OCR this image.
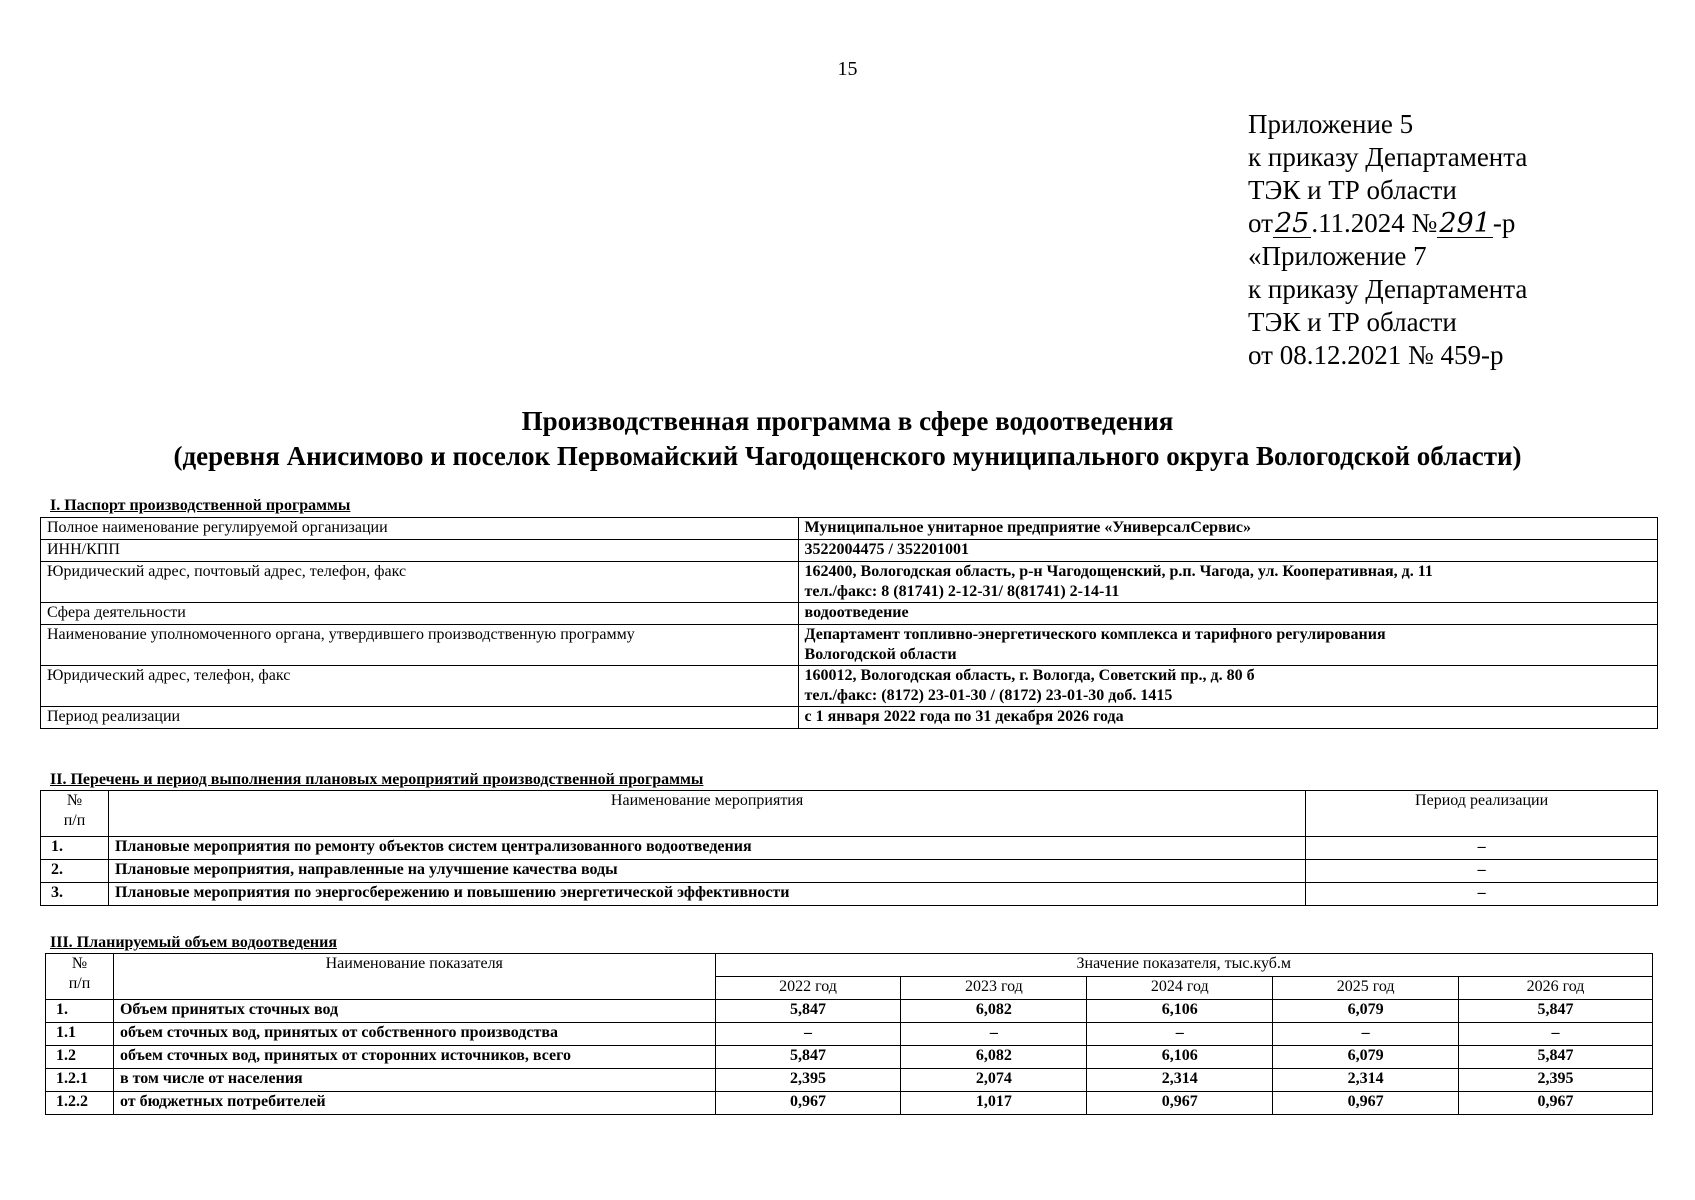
15
Приложение 5
к приказу Департамента
ТЭК и ТР области
от25.11.2024 №291-р
«Приложение 7
к приказу Департамента
ТЭК и ТР области
от 08.12.2021 № 459-р
Производственная программа в сфере водоотведения
(деревня Анисимово и поселок Первомайский Чагодощенского муниципального округа Вологодской области)
I. Паспорт производственной программы
Полное наименование регулируемой организации	Муниципальное унитарное предприятие «УниверсалСервис»

ИНН/КПП	3522004475 / 352201001

Юридический адрес, почтовый адрес, телефон, факс	162400, Вологодская область, р-н Чагодощенский, р.п. Чагода, ул. Кооперативная, д. 11
тел./факс: 8 (81741) 2-12-31/ 8(81741) 2-14-11

Сфера деятельности	водоотведение

Наименование уполномоченного органа, утвердившего производственную программу	Департамент топливно-энергетического комплекса и тарифного регулирования
Вологодской области

Юридический адрес, телефон, факс	160012, Вологодская область, г. Вологда, Советский пр., д. 80 б
тел./факс: (8172) 23-01-30 / (8172) 23-01-30 доб. 1415

Период реализации	с 1 января 2022 года по 31 декабря 2026 года
II. Перечень и период выполнения плановых мероприятий производственной программы
№
п/п	Наименование мероприятия	Период реализации
1.	Плановые мероприятия по ремонту объектов систем централизованного водоотведения	–
2.	Плановые мероприятия, направленные на улучшение качества воды	–
3.	Плановые мероприятия по энергосбережению и повышению энергетической эффективности	–
III. Планируемый объем водоотведения
№
п/п	Наименование показателя	Значение показателя, тыс.куб.м				
		2022 год	2023 год	2024 год	2025 год	2026 год
1.	Объем принятых сточных вод	5,847	6,082	6,106	6,079	5,847
1.1	объем сточных вод, принятых от собственного производства	–	–	–	–	–
1.2	объем сточных вод, принятых от сторонних источников, всего	5,847	6,082	6,106	6,079	5,847
1.2.1	в том числе от населения	2,395	2,074	2,314	2,314	2,395
1.2.2	от бюджетных потребителей	0,967	1,017	0,967	0,967	0,967
